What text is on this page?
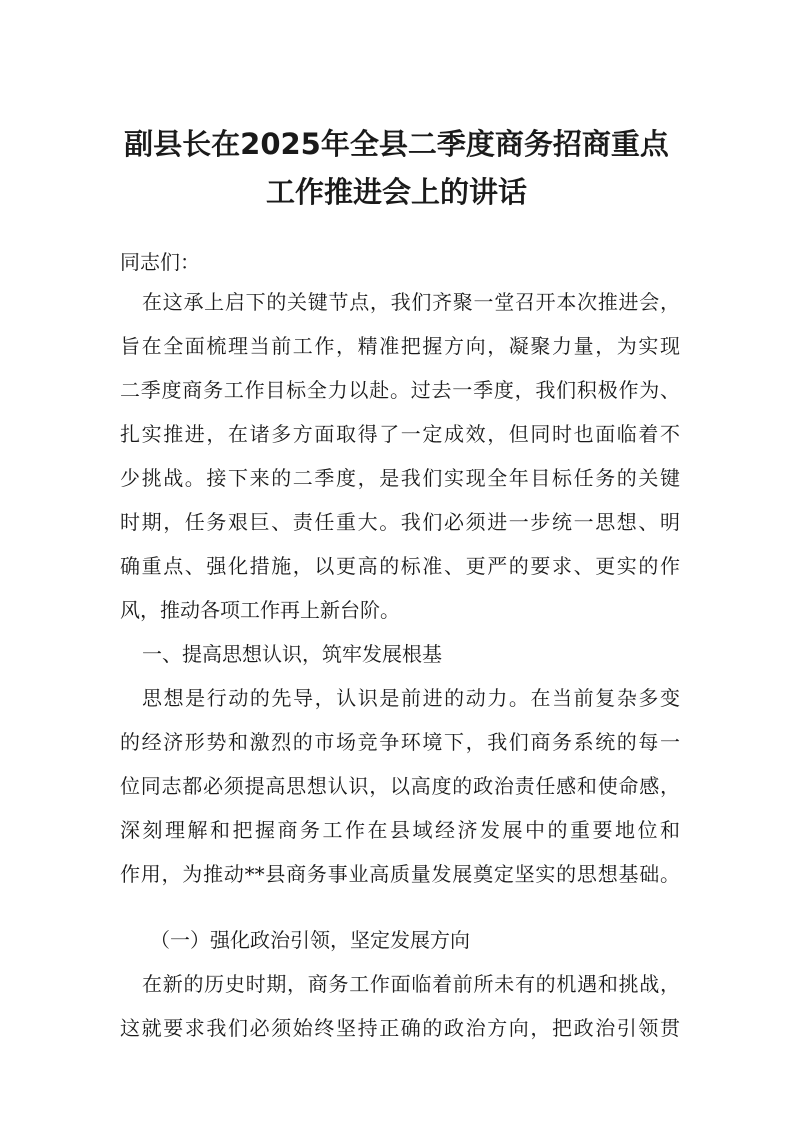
副县长在2025年全县二季度商务招商重点
工作推进会上的讲话
同志们：
在这承上启下的关键节点，我们齐聚一堂召开本次推进会，
旨在全面梳理当前工作，精准把握方向，凝聚力量，为实现
二季度商务工作目标全力以赴。过去一季度，我们积极作为、
扎实推进，在诸多方面取得了一定成效，但同时也面临着不
少挑战。接下来的二季度，是我们实现全年目标任务的关键
时期，任务艰巨、责任重大。我们必须进一步统一思想、明
确重点、强化措施，以更高的标准、更严的要求、更实的作
风，推动各项工作再上新台阶。
一、提高思想认识，筑牢发展根基
思想是行动的先导，认识是前进的动力。在当前复杂多变
的经济形势和激烈的市场竞争环境下，我们商务系统的每一
位同志都必须提高思想认识，以高度的政治责任感和使命感，
深刻理解和把握商务工作在县域经济发展中的重要地位和
作用，为推动**县商务事业高质量发展奠定坚实的思想基础。
（一）强化政治引领，坚定发展方向
在新的历史时期，商务工作面临着前所未有的机遇和挑战，
这就要求我们必须始终坚持正确的政治方向，把政治引领贯
